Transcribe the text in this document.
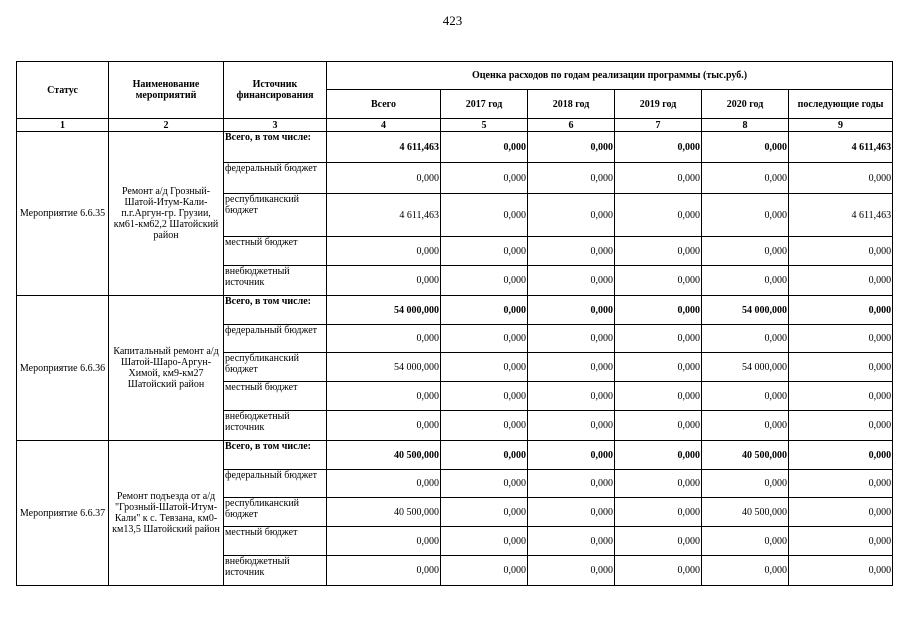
423
Статус	Наименование мероприятий	Источник финансирования	Оценка расходов по годам реализации программы (тыс.руб.)					
			Всего	2017 год	2018 год	2019 год	2020 год	последующие годы
1	2	3	4	5	6	7	8	9
Мероприятие 6.6.35	Ремонт а/д Грозный-Шатой-Итум-Кали-п.г.Аргун-гр. Грузии, км61-км62,2 Шатойский район	Всего, в том числе:	4 611,463	0,000	0,000	0,000	0,000	4 611,463
		федеральный бюджет	0,000	0,000	0,000	0,000	0,000	0,000
		республиканский бюджет	4 611,463	0,000	0,000	0,000	0,000	4 611,463
		местный бюджет	0,000	0,000	0,000	0,000	0,000	0,000
		внебюджетный источник	0,000	0,000	0,000	0,000	0,000	0,000
Мероприятие 6.6.36	Капитальный ремонт а/д Шатой-Шаро-Аргун-Химой, км9-км27 Шатойский район	Всего, в том числе:	54 000,000	0,000	0,000	0,000	54 000,000	0,000
		федеральный бюджет	0,000	0,000	0,000	0,000	0,000	0,000
		республиканский бюджет	54 000,000	0,000	0,000	0,000	54 000,000	0,000
		местный бюджет	0,000	0,000	0,000	0,000	0,000	0,000
		внебюджетный источник	0,000	0,000	0,000	0,000	0,000	0,000
Мероприятие 6.6.37	Ремонт подъезда от а/д "Грозный-Шатой-Итум-Кали" к с. Тевзана, км0-км13,5 Шатойский район	Всего, в том числе:	40 500,000	0,000	0,000	0,000	40 500,000	0,000
		федеральный бюджет	0,000	0,000	0,000	0,000	0,000	0,000
		республиканский бюджет	40 500,000	0,000	0,000	0,000	40 500,000	0,000
		местный бюджет	0,000	0,000	0,000	0,000	0,000	0,000
		внебюджетный источник	0,000	0,000	0,000	0,000	0,000	0,000
